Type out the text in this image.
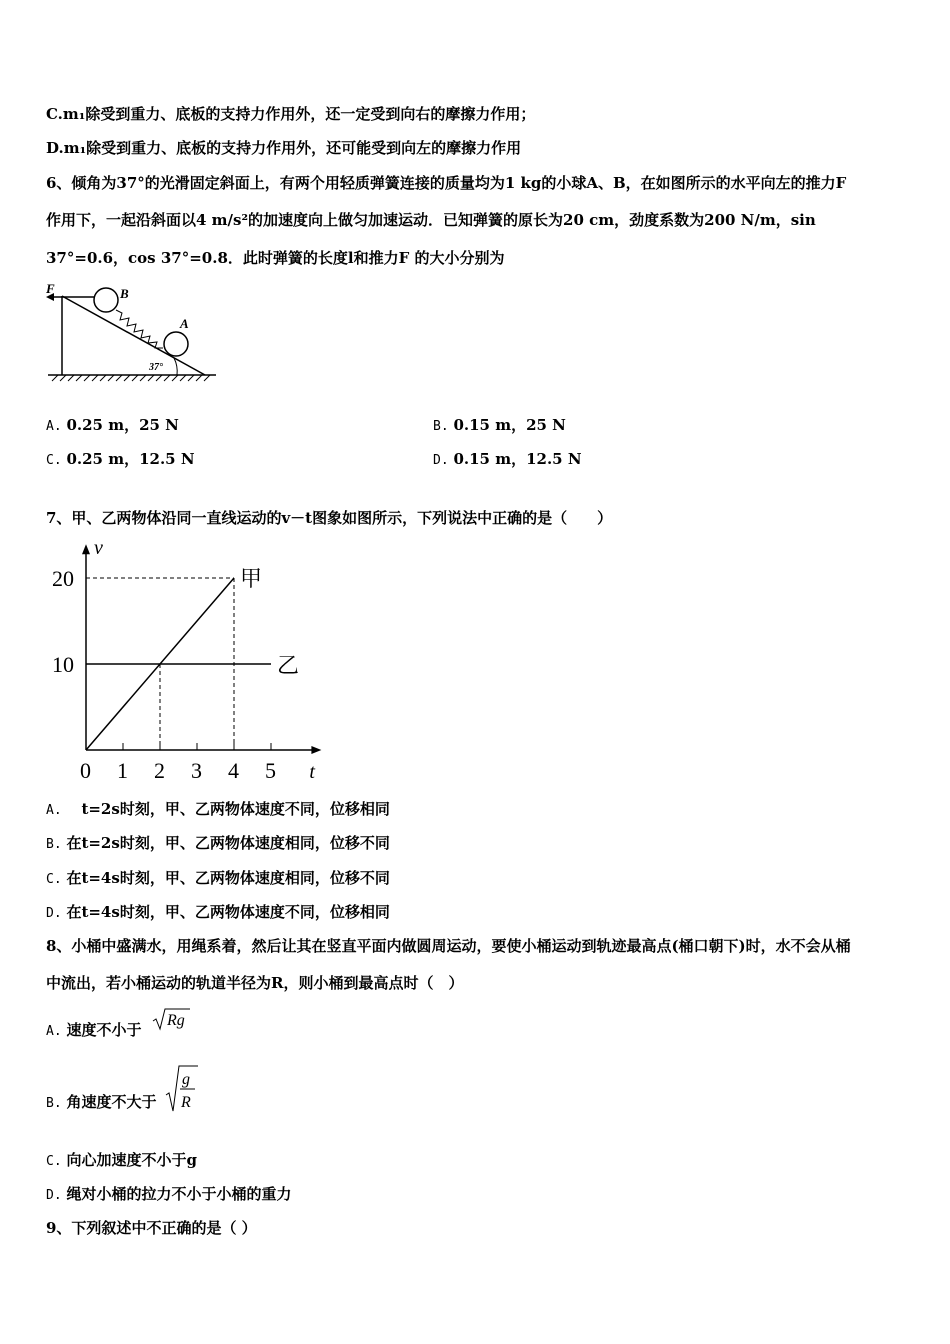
C.m₁除受到重力、底板的支持力作用外，还一定受到向右的摩擦力作用；
D.m₁除受到重力、底板的支持力作用外，还可能受到向左的摩擦力作用
6、倾角为37°的光滑固定斜面上，有两个用轻质弹簧连接的质量均为1 kg的小球A、B，在如图所示的水平向左的推力F
作用下，一起沿斜面以4 m/s²的加速度向上做匀加速运动．已知弹簧的原长为20 cm，劲度系数为200 N/m，sin
37°=0.6，cos 37°=0.8．此时弹簧的长度l和推力F 的大小分别为
37°
F	B
A
A. 0.25 m，25 N	B. 0.15 m，25 N
C. 0.25 m，12.5 N	D. 0.15 m，12.5 N
7、甲、乙两物体沿同一直线运动的v－t图象如图所示，下列说法中正确的是（　　）
t
v
0 1 2 3 4 5
10
20	甲
乙
A. 　t=2s时刻，甲、乙两物体速度不同，位移相同
B. 在t=2s时刻，甲、乙两物体速度相同，位移不同
C. 在t=4s时刻，甲、乙两物体速度相同，位移不同
D. 在t=4s时刻，甲、乙两物体速度不同，位移相同
8、小桶中盛满水，用绳系着，然后让其在竖直平面内做圆周运动，要使小桶运动到轨迹最高点(桶口朝下)时，水不会从桶
中流出，若小桶运动的轨道半径为R，则小桶到最高点时（　）
A. 速度不小于
Rg
B. 角速度不大于
g
R
C. 向心加速度不小于g
D. 绳对小桶的拉力不小于小桶的重力
9、下列叙述中不正确的是（ ）
